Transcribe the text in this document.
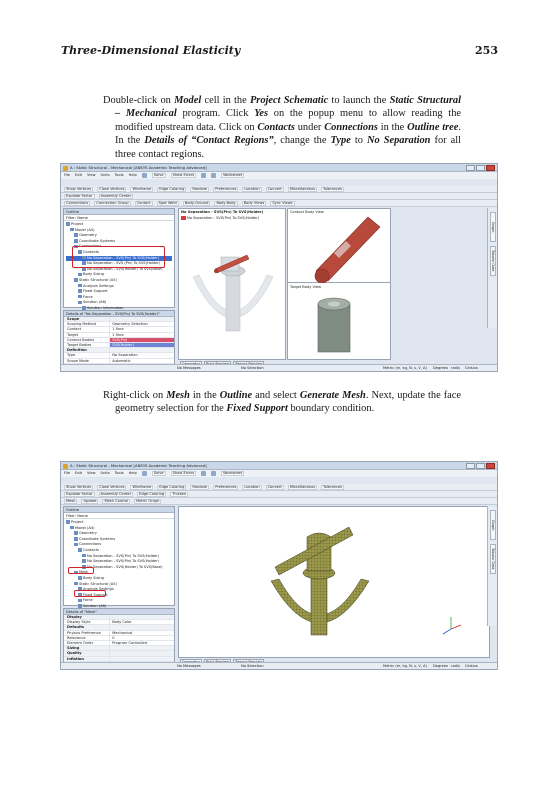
Three-Dimensional Elasticity	253
Double-click on Model cell in the Project Schematic to launch the Static Structural – Mechanical program. Click Yes on the popup menu to allow reading the modified upstream data. Click on Contacts under Connections in the Outline tree. In the Details of “Contact Regions”, change the Type to No Separation for all three contact regions.
A : Static Structural - Mechanical [ANSYS Academic Teaching Advanced]
File Edit View Units Tools Help	Solve	Show Errors	Worksheet
Show Vertices	Close Vertices	Wireframe	Edge Coloring	Random	Preferences	Location	Convert	Miscellaneous	Tolerances
Explode Factor	Assembly Center
Connections	Connection Group	Contact	Spot Weld	Body-Ground	Body-Body	Body Views	Sync Views
Outline
Filter: Name
Project
Model (A4)
Geometry
Coordinate Systems
Connections
Contacts
No Separation - SVS(Pin) To SVS(Holder)
No Separation - SVS (Pin) To SVS(Holder)
No Separation - SVS(Holder) To SVS(Base)
Body Sizing
Static Structural (A5)
Analysis Settings
Fixed Support
Force
Solution (A6)
Solution Information
Details of "No Separation - SVS(Pin) To SVS(Holder)"
Scope
Scoping Method	Geometry Selection
Contact	1 Face
Target	1 Face
Contact Bodies	SVS(Pin)
Target Bodies	SVS(Holder)
Definition
Type	No Separation
Scope Mode	Automatic
No Separation - SVS(Pin) To SVS(Holder)
No Separation - SVS(Pin) To SVS(Holder)
Contact Body View
Target Body View
Graph
Tabular Data
No Messages	No Selection	Metric (m, kg, N, s, V, A) Degrees rad/s Celsius
Right-click on Mesh in the Outline and select Generate Mesh. Next, update the face geometry selection for the Fixed Support boundary condition.
A : Static Structural - Mechanical [ANSYS Academic Teaching Advanced]
File Edit View Units Tools Help	Solve	Show Errors	Worksheet
Show Vertices	Close Vertices	Wireframe	Edge Coloring	Random	Preferences	Location	Convert	Miscellaneous	Tolerances
Explode Factor	Assembly Center	Edge Coloring	Thicken
Mesh	Update	Mesh Control	Metric Graph
Outline
Filter: Name
Project
Model (A4)
Geometry
Coordinate Systems
Connections
Contacts
No Separation - SVS(Pin) To SVS(Holder)
No Separation - SVS(Pin) To SVS(Holder)
No Separation - SVS(Holder) To SVS(Base)
Mesh
Body Sizing
Static Structural (A5)
Analysis Settings
Fixed Support
Force
Solution (A6)
Details of "Mesh"
Display
Display Style	Body Color
Defaults
Physics Preference	Mechanical
Relevance	0
Element Order	Program Controlled
Sizing
Quality
Inflation
Graph
Tabular Data
No Messages	No Selection	Metric (m, kg, N, s, V, A) Degrees rad/s Celsius
